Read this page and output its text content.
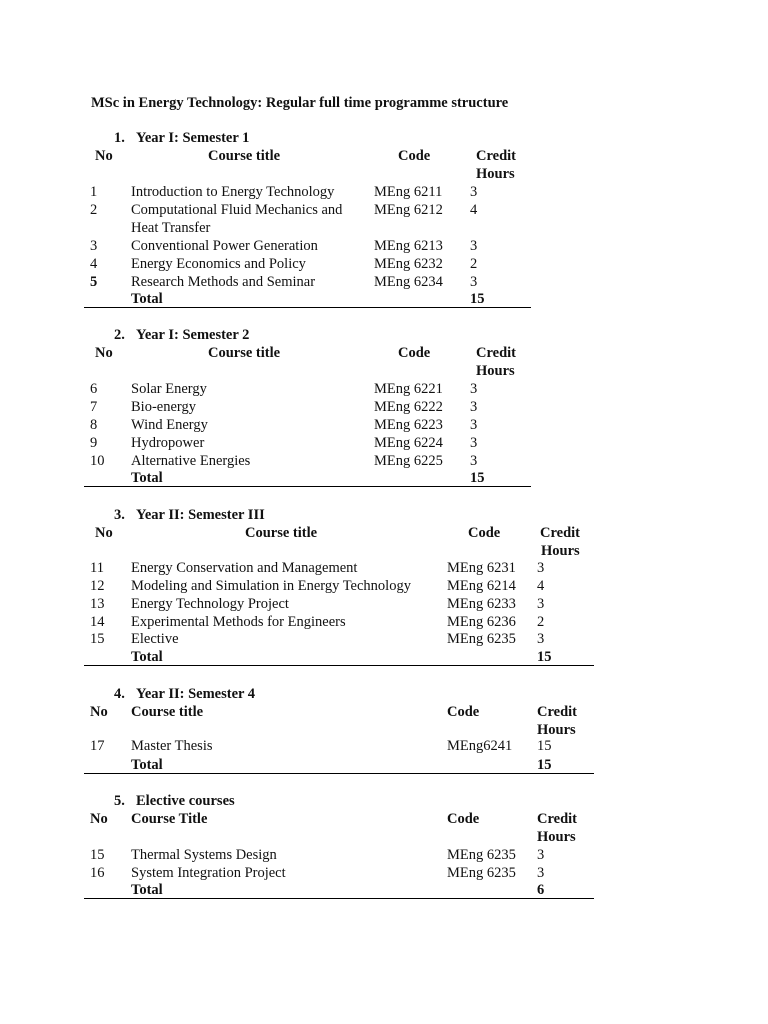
MSc in Energy Technology: Regular full time programme structure
1. Year I: Semester 1
No	Course title	Code	Credit
Hours
1 Introduction to Energy Technology	MEng 6211 3
2 Computational Fluid Mechanics and
Heat Transfer
MEng 6212 4
3 Conventional Power Generation	MEng 6213 3
4 Energy Economics and Policy	MEng 6232 2
5 Research Methods and Seminar	MEng 6234 3
Total	15
2. Year I: Semester 2
No	Course title	Code	Credit
Hours
6 Solar Energy	MEng 6221 3
7 Bio-energy	MEng 6222 3
8 Wind Energy	MEng 6223 3
9 Hydropower	MEng 6224 3
10 Alternative Energies	MEng 6225 3
Total	15
3. Year II: Semester III
No	Course title	Code	Credit
Hours
11 Energy Conservation and Management	MEng 6231 3
12 Modeling and Simulation in Energy Technology MEng 6214 4
13 Energy Technology Project	MEng 6233 3
14 Experimental Methods for Engineers	MEng 6236 2
15 Elective	MEng 6235 3
Total	15
4. Year II: Semester 4
No Course title	Code	Credit
Hours
17 Master Thesis	MEng6241 15
Total	15
5. Elective courses
No Course Title	Code	Credit
Hours
15 Thermal Systems Design	MEng 6235 3
16 System Integration Project	MEng 6235 3
Total	6
